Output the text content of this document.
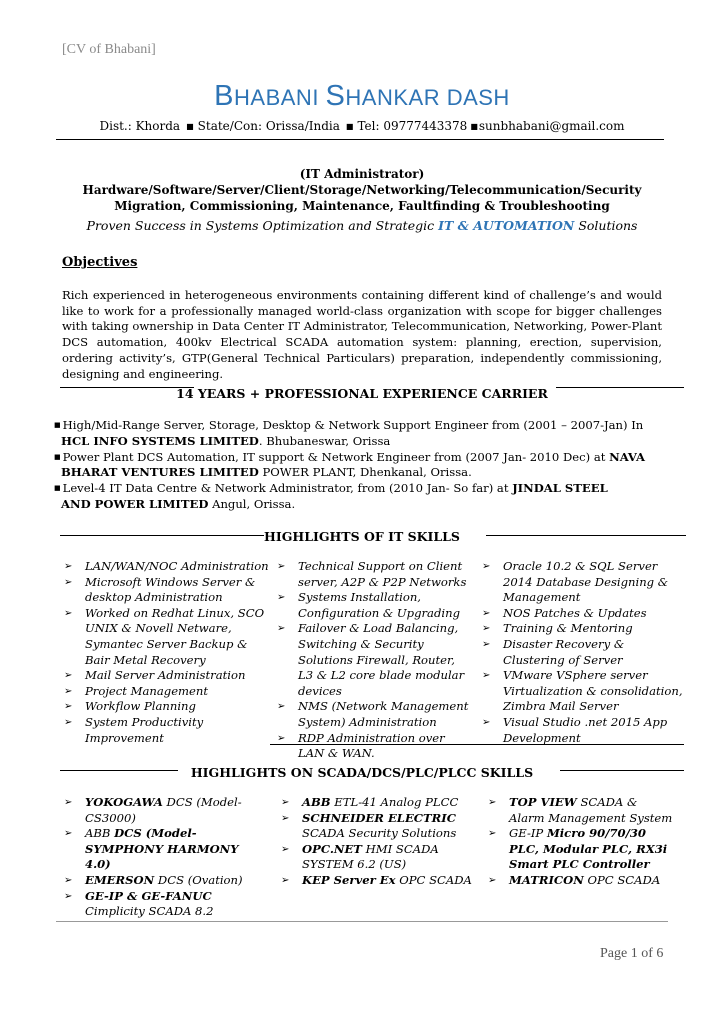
[CV of Bhabani]
BHABANI SHANKAR DASH
Dist.: Khorda ■ State/Con: Orissa/India ■ Tel: 09777443378 ■sunbhabani@gmail.com
(IT Administrator)
Hardware/Software/Server/Client/Storage/Networking/Telecommunication/Security
Migration, Commissioning, Maintenance, Faultfinding & Troubleshooting
Proven Success in Systems Optimization and Strategic IT & AUTOMATION Solutions
Objectives
Rich experienced in heterogeneous environments containing different kind of challenge’s and would like to work for a professionally managed world-class organization with scope for bigger challenges with taking ownership in Data Center IT Administrator, Telecommunication, Networking, Power-Plant DCS automation, 400kv Electrical SCADA automation system: planning, erection, supervision, ordering activity’s, GTP(General Technical Particulars) preparation, independently commissioning, designing and engineering.
14 YEARS + PROFESSIONAL EXPERIENCE CARRIER
■ High/Mid-Range Server, Storage, Desktop & Network Support Engineer from (2001 – 2007-Jan) In
HCL INFO SYSTEMS LIMITED. Bhubaneswar, Orissa
■ Power Plant DCS Automation, IT support & Network Engineer from (2007 Jan- 2010 Dec) at NAVA
BHARAT VENTURES LIMITED POWER PLANT, Dhenkanal, Orissa.
■ Level-4 IT Data Centre & Network Administrator, from (2010 Jan- So far) at JINDAL STEEL
AND POWER LIMITED Angul, Orissa.
HIGHLIGHTS OF IT SKILLS
➢ LAN/WAN/NOC Administration
➢ Microsoft Windows Server & desktop Administration
➢ Worked on Redhat Linux, SCO UNIX & Novell Netware, Symantec Server Backup & Bair Metal Recovery
➢ Mail Server Administration
➢ Project Management
➢ Workflow Planning
➢ System Productivity Improvement
➢ Technical Support on Client server, A2P & P2P Networks
➢ Systems Installation, Configuration & Upgrading
➢ Failover & Load Balancing, Switching & Security Solutions Firewall, Router, L3 & L2 core blade modular devices
➢ NMS (Network Management System) Administration
➢ RDP Administration over LAN & WAN.
➢ Oracle 10.2 & SQL Server 2014 Database Designing & Management
➢ NOS Patches & Updates
➢ Training & Mentoring
➢ Disaster Recovery & Clustering of Server
➢ VMware VSphere server Virtualization & consolidation, Zimbra Mail Server
➢ Visual Studio .net 2015 App Development
HIGHLIGHTS ON SCADA/DCS/PLC/PLCC SKILLS
➢ YOKOGAWA DCS (Model-CS3000)
➢ ABB DCS (Model-SYMPHONY HARMONY 4.0)
➢ EMERSON DCS (Ovation)
➢ GE-IP & GE-FANUC Cimplicity SCADA 8.2
➢ ABB ETL-41 Analog PLCC
➢ SCHNEIDER ELECTRIC SCADA Security Solutions
➢ OPC.NET HMI SCADA SYSTEM 6.2 (US)
➢ KEP Server Ex OPC SCADA
➢ TOP VIEW SCADA & Alarm Management System
➢ GE-IP Micro 90/70/30 PLC, Modular PLC, RX3i Smart PLC Controller
➢ MATRICON OPC SCADA
Page 1 of 6
